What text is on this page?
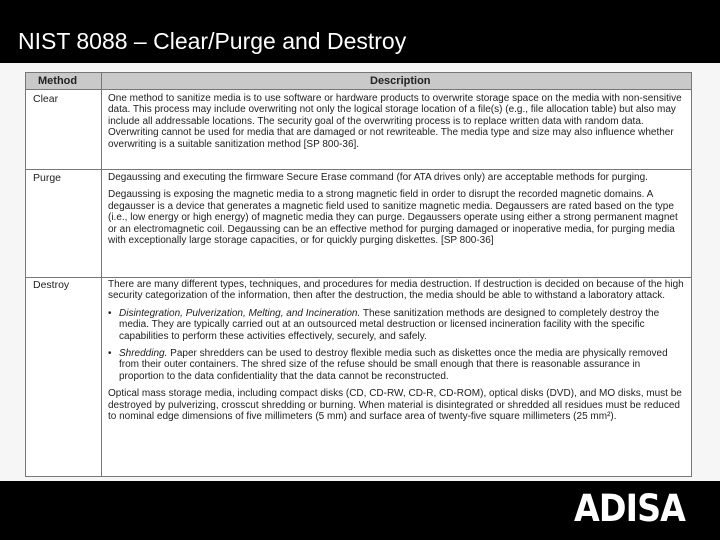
NIST 8088 – Clear/Purge and Destroy
Method	Description
Clear	One method to sanitize media is to use software or hardware products to overwrite storage space on the media with non-sensitive data. This process may include overwriting not only the logical storage location of a file(s) (e.g., file allocation table) but also may include all addressable locations. The security goal of the overwriting process is to replace written data with random data. Overwriting cannot be used for media that are damaged or not rewriteable. The media type and size may also influence whether overwriting is a suitable sanitization method [SP 800-36].

Purge	Degaussing and executing the firmware Secure Erase command (for ATA drives only) are acceptable methods for purging.

Degaussing is exposing the magnetic media to a strong magnetic field in order to disrupt the recorded magnetic domains. A degausser is a device that generates a magnetic field used to sanitize magnetic media. Degaussers are rated based on the type (i.e., low energy or high energy) of magnetic media they can purge. Degaussers operate using either a strong permanent magnet or an electromagnetic coil. Degaussing can be an effective method for purging damaged or inoperative media, for purging media with exceptionally large storage capacities, or for quickly purging diskettes. [SP 800-36]

Destroy	There are many different types, techniques, and procedures for media destruction. If destruction is decided on because of the high security categorization of the information, then after the destruction, the media should be able to withstand a laboratory attack.

• Disintegration, Pulverization, Melting, and Incineration. These sanitization methods are designed to completely destroy the media. They are typically carried out at an outsourced metal destruction or licensed incineration facility with the specific capabilities to perform these activities effectively, securely, and safely.
• Shredding. Paper shredders can be used to destroy flexible media such as diskettes once the media are physically removed from their outer containers. The shred size of the refuse should be small enough that there is reasonable assurance in proportion to the data confidentiality that the data cannot be reconstructed.

Optical mass storage media, including compact disks (CD, CD-RW, CD-R, CD-ROM), optical disks (DVD), and MO disks, must be destroyed by pulverizing, crosscut shredding or burning. When material is disintegrated or shredded all residues must be reduced to nominal edge dimensions of five millimeters (5 mm) and surface area of twenty-five square millimeters (25 mm²).

ADISA
